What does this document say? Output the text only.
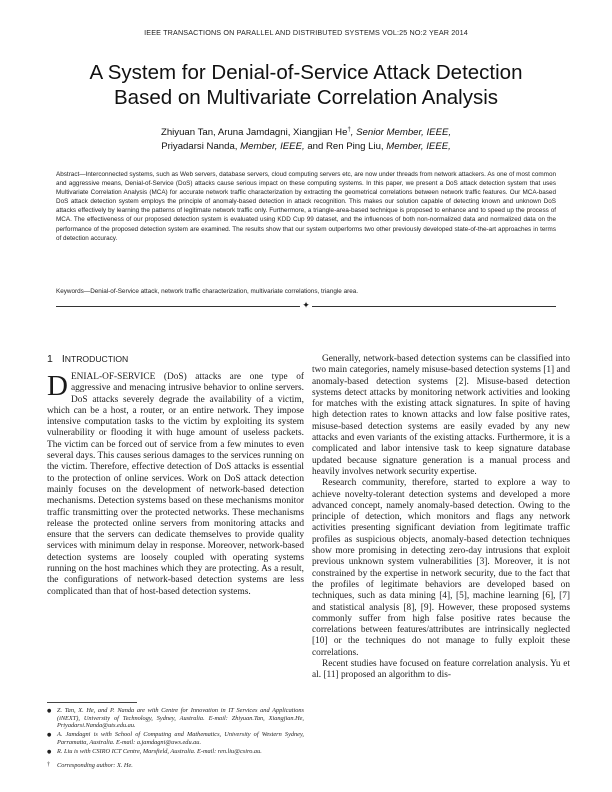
IEEE TRANSACTIONS ON PARALLEL AND DISTRIBUTED SYSTEMS VOL:25 NO:2 YEAR 2014
A System for Denial-of-Service Attack Detection
Based on Multivariate Correlation Analysis
Zhiyuan Tan, Aruna Jamdagni, Xiangjian He†, Senior Member, IEEE,
Priyadarsi Nanda, Member, IEEE, and Ren Ping Liu, Member, IEEE,
Abstract—Interconnected systems, such as Web servers, database servers, cloud computing servers etc, are now under threads from network attackers. As one of most common and aggressive means, Denial-of-Service (DoS) attacks cause serious impact on these computing systems. In this paper, we present a DoS attack detection system that uses Multivariate Correlation Analysis (MCA) for accurate network traffic characterization by extracting the geometrical correlations between network traffic features. Our MCA-based DoS attack detection system employs the principle of anomaly-based detection in attack recognition. This makes our solution capable of detecting known and unknown DoS attacks effectively by learning the patterns of legitimate network traffic only. Furthermore, a triangle-area-based technique is proposed to enhance and to speed up the process of MCA. The effectiveness of our proposed detection system is evaluated using KDD Cup 99 dataset, and the influences of both non-normalized data and normalized data on the performance of the proposed detection system are examined. The results show that our system outperforms two other previously developed state-of-the-art approaches in terms of detection accuracy.
Keywords—Denial-of-Service attack, network traffic characterization, multivariate correlations, triangle area.
✦
1 INTRODUCTION

DENIAL-OF-SERVICE (DoS) attacks are one type of aggressive and menacing intrusive behavior to online servers. DoS attacks severely degrade the availability of a victim, which can be a host, a router, or an entire network. They impose intensive computation tasks to the victim by exploiting its system vulnerability or flooding it with huge amount of useless packets. The victim can be forced out of service from a few minutes to even several days. This causes serious damages to the services running on the victim. Therefore, effective detection of DoS attacks is essential to the protection of online services. Work on DoS attack detection mainly focuses on the development of network-based detection mechanisms. Detection systems based on these mechanisms monitor traffic transmitting over the protected networks. These mechanisms release the protected online servers from monitoring attacks and ensure that the servers can dedicate themselves to provide quality services with minimum delay in response. Moreover, network-based detection systems are loosely coupled with operating systems running on the host machines which they are protecting. As a result, the configurations of network-based detection systems are less complicated than that of host-based detection systems.

Generally, network-based detection systems can be classified into two main categories, namely misuse-based detection systems [1] and anomaly-based detection systems [2]. Misuse-based detection systems detect attacks by monitoring network activities and looking for matches with the existing attack signatures. In spite of having high detection rates to known attacks and low false positive rates, misuse-based detection systems are easily evaded by any new attacks and even variants of the existing attacks. Furthermore, it is a complicated and labor intensive task to keep signature database updated because signature generation is a manual process and heavily involves network security expertise.

Research community, therefore, started to explore a way to achieve novelty-tolerant detection systems and developed a more advanced concept, namely anomaly-based detection. Owing to the principle of detection, which monitors and flags any network activities presenting significant deviation from legitimate traffic profiles as suspicious objects, anomaly-based detection techniques show more promising in detecting zero-day intrusions that exploit previous unknown system vulnerabilities [3]. Moreover, it is not constrained by the expertise in network security, due to the fact that the profiles of legitimate behaviors are developed based on techniques, such as data mining [4], [5], machine learning [6], [7] and statistical analysis [8], [9]. However, these proposed systems commonly suffer from high false positive rates because the correlations between features/attributes are intrinsically neglected [10] or the techniques do not manage to fully exploit these correlations.

Recent studies have focused on feature correlation analysis. Yu et al. [11] proposed an algorithm to dis-

● Z. Tan, X. He, and P. Nanda are with Centre for Innovation in IT Services and Applications (iNEXT), University of Technology, Sydney, Australia. E-mail: Zhiyuan.Tan, Xiangjian.He, Priyadarsi.Nanda@uts.edu.au.
● A. Jamdagni is with School of Computing and Mathematics, University of Western Sydney, Parramatta, Australia. E-mail: a.jamdagni@uws.edu.au.
● R. Liu is with CSIRO ICT Centre, Marsfield, Australia. E-mail: ren.liu@csiro.au.
†	Corresponding author: X. He.
